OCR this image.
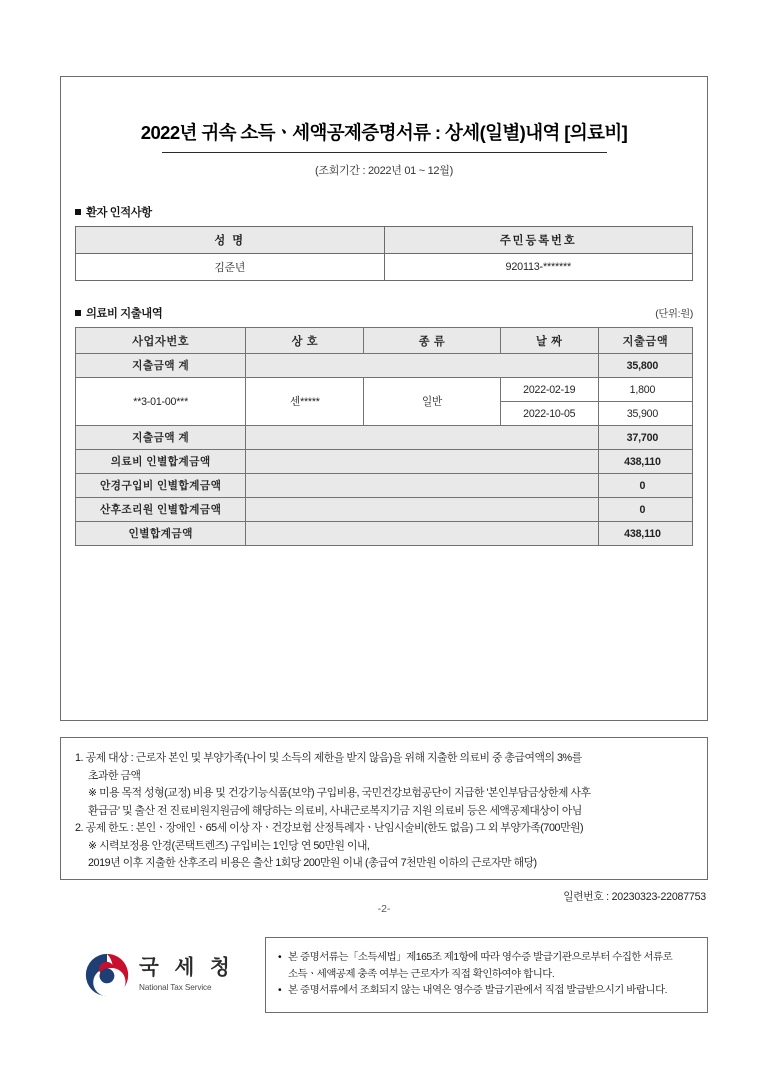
2022년 귀속 소득ㆍ세액공제증명서류 : 상세(일별)내역 [의료비]
(조회기간 : 2022년 01 ~ 12월)
환자 인적사항
성 명	주민등록번호
김준년	920113-*******
의료비 지출내역	(단위:원)
사업자번호	상 호	종 류	날 짜	지출금액
지출금액 계				35,800
**3-01-00***	센*****	일반	2022-02-19	1,800
			2022-10-05	35,900
지출금액 계				37,700
의료비 인별합계금액				438,110
안경구입비 인별합계금액				0
산후조리원 인별합계금액				0
인별합계금액				438,110
1. 공제 대상 : 근로자 본인 및 부양가족(나이 및 소득의 제한을 받지 않음)을 위해 지출한 의료비 중 총급여액의 3%를
초과한 금액
※ 미용 목적 성형(교정) 비용 및 건강기능식품(보약) 구입비용, 국민건강보험공단이 지급한 '본인부담금상한제 사후
환급금' 및 출산 전 진료비원지원금에 해당하는 의료비, 사내근로복지기금 지원 의료비 등은 세액공제대상이 아님
2. 공제 한도 : 본인ㆍ장애인ㆍ65세 이상 자ㆍ건강보험 산정특례자ㆍ난임시술비(한도 없음) 그 외 부양가족(700만원)
※ 시력보정용 안경(콘택트렌즈) 구입비는 1인당 연 50만원 이내,
2019년 이후 지출한 산후조리 비용은 출산 1회당 200만원 이내 (총급여 7천만원 이하의 근로자만 해당)
일련번호 : 20230323-22087753
-2-
국 세 청
National Tax Service
• 본 증명서류는「소득세법」제165조 제1항에 따라 영수증 발급기관으로부터 수집한 서류로
소득ㆍ세액공제 충족 여부는 근로자가 직접 확인하여야 합니다.
• 본 증명서류에서 조회되지 않는 내역은 영수증 발급기관에서 직접 발급받으시기 바랍니다.
